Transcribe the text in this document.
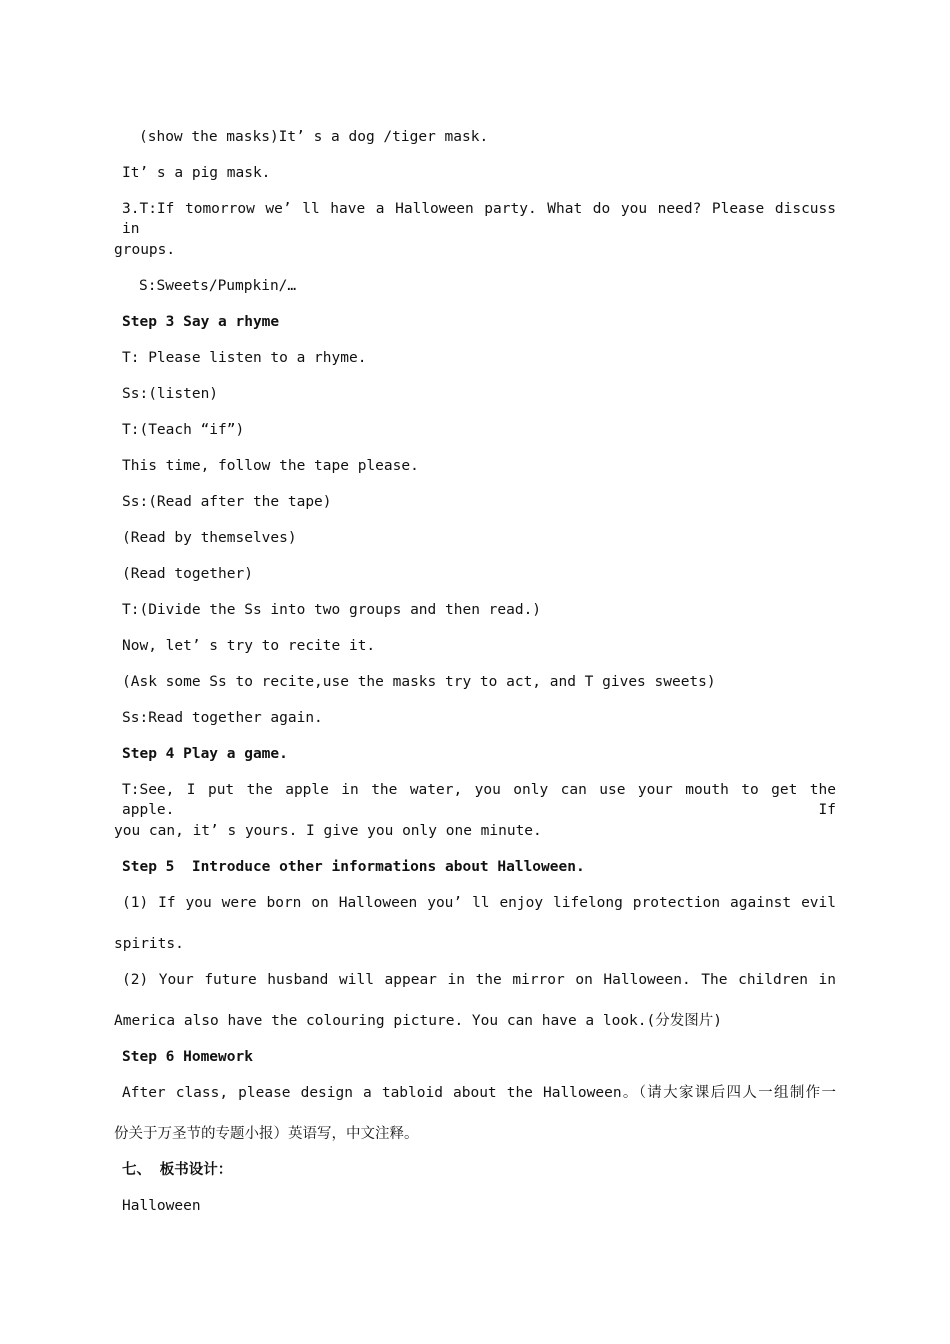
(show the masks)It’ s a dog /tiger mask.
It’ s a pig mask.
3.T:If tomorrow we’ ll have a Halloween party. What do you need? Please discuss in
groups.
S:Sweets/Pumpkin/…
Step 3 Say a rhyme
T: Please listen to a rhyme.
Ss:(listen)
T:(Teach “if”)
This time, follow the tape please.
Ss:(Read after the tape)
(Read by themselves)
(Read together)
T:(Divide the Ss into two groups and then read.)
Now, let’ s try to recite it.
(Ask some Ss to recite,use the masks try to act, and T gives sweets)
Ss:Read together again.
Step 4 Play a game.
T:See, I put the apple in the water, you only can use your mouth to get the apple. If
you can, it’ s yours. I give you only one minute.
Step 5  Introduce other informations about Halloween.
(1) If you were born on Halloween you’ ll enjoy lifelong protection against evil
spirits.
(2) Your future husband will appear in the mirror on Halloween. The children in
America also have the colouring picture. You can have a look.(分发图片)
Step 6 Homework
After class, please design a tabloid about the Halloween。（请大家课后四人一组制作一
份关于万圣节的专题小报）英语写，中文注释。
七、 板书设计：
Halloween
